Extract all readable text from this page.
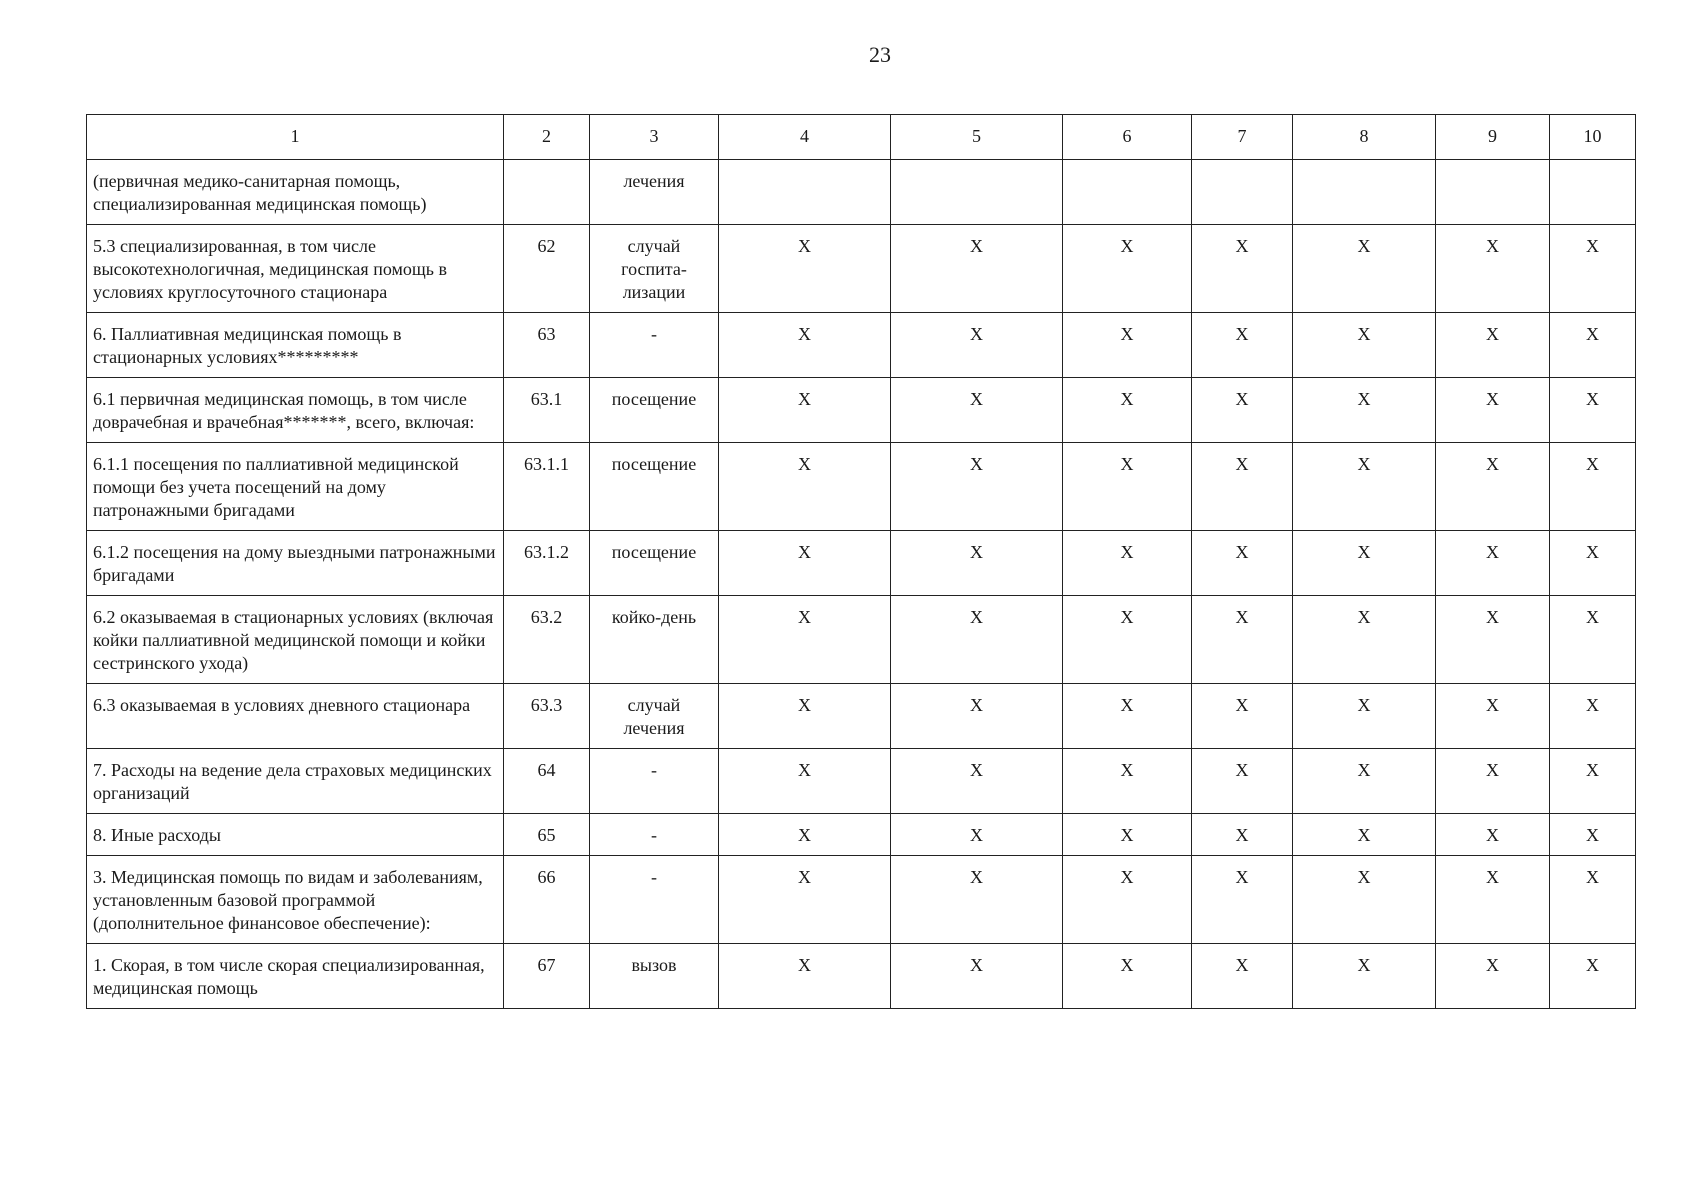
23
1	2	3	4	5	6	7	8	9	10
(первичная медико-санитарная помощь, специализированная медицинская помощь)		лечения							
5.3 специализированная, в том числе высокотехнологичная, медицинская помощь в условиях круглосуточного стационара	62	случай госпита-лизации	X	X	X	X	X	X	X
6. Паллиативная медицинская помощь в стационарных условиях*********	63	-	X	X	X	X	X	X	X
6.1 первичная медицинская помощь, в том числе доврачебная и врачебная*******, всего, включая:	63.1	посещение	X	X	X	X	X	X	X
6.1.1 посещения по паллиативной медицинской помощи без учета посещений на дому патронажными бригадами	63.1.1	посещение	X	X	X	X	X	X	X
6.1.2 посещения на дому выездными патронажными бригадами	63.1.2	посещение	X	X	X	X	X	X	X
6.2 оказываемая в стационарных условиях (включая койки паллиативной медицинской помощи и койки сестринского ухода)	63.2	койко-день	X	X	X	X	X	X	X
6.3 оказываемая в условиях дневного стационара	63.3	случай лечения	X	X	X	X	X	X	X
7. Расходы на ведение дела страховых медицинских организаций	64	-	X	X	X	X	X	X	X
8. Иные расходы	65	-	X	X	X	X	X	X	X
3. Медицинская помощь по видам и заболеваниям, установленным базовой программой (дополнительное финансовое обеспечение):	66	-	X	X	X	X	X	X	X
1. Скорая, в том числе скорая специализированная, медицинская помощь	67	вызов	X	X	X	X	X	X	X
